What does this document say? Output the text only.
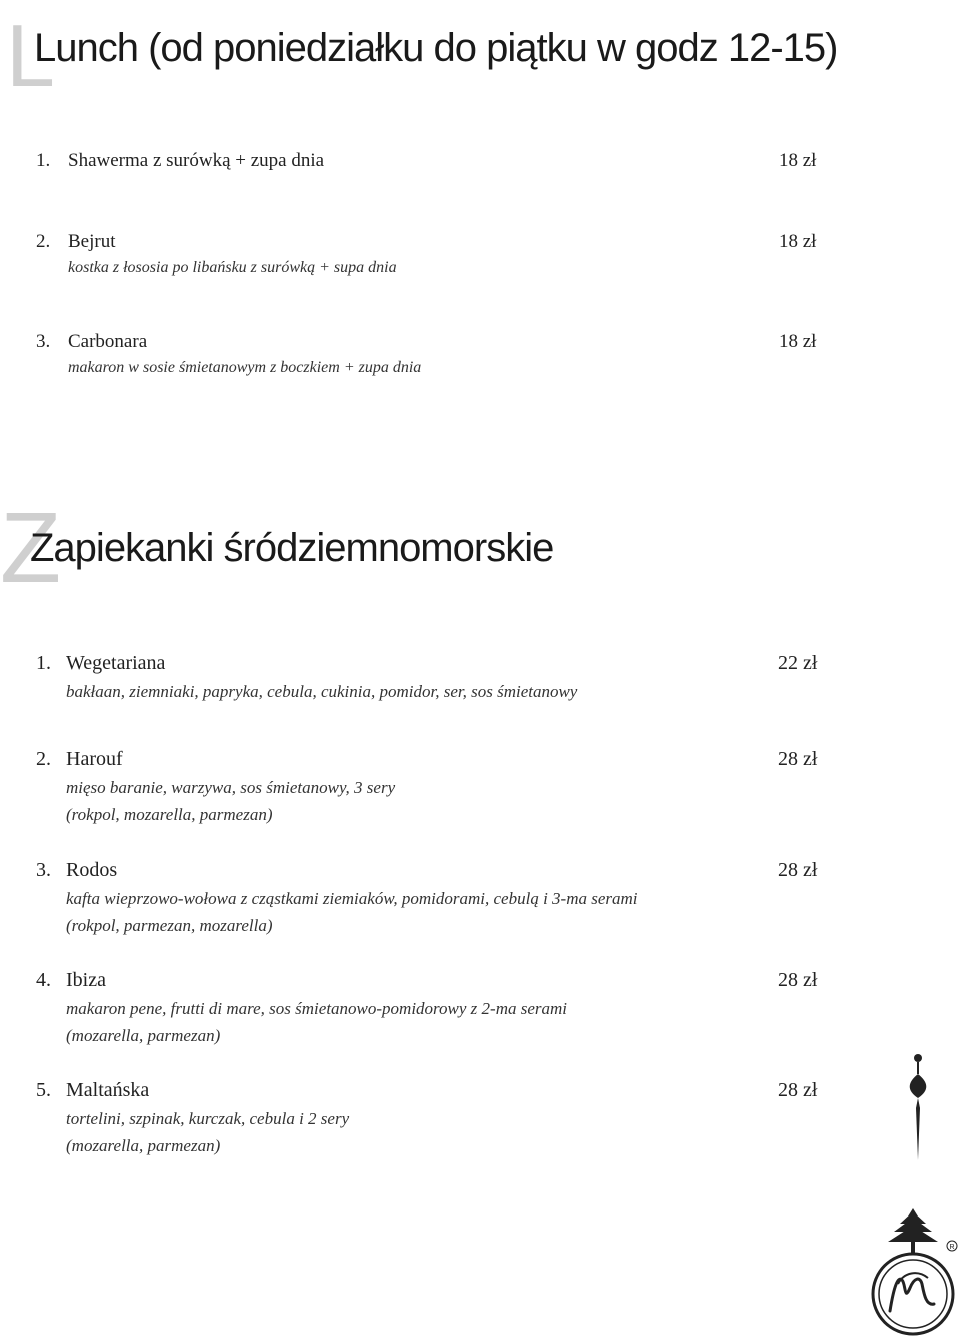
L
Lunch (od poniedziałku do piątku w godz 12-15)
1. Shawerma z surówką + zupa dnia	18 zł
2. Bejrut	18 zł
kostka z łososia po libańsku z surówką + supa dnia
3. Carbonara	18 zł
makaron w sosie śmietanowym z boczkiem + zupa dnia
Z
Zapiekanki śródziemnomorskie
1. Wegetariana	22 zł
bakłaan, ziemniaki, papryka, cebula, cukinia, pomidor, ser, sos śmietanowy
2. Harouf	28 zł
mięso baranie, warzywa, sos śmietanowy, 3 sery
(rokpol, mozarella, parmezan)
3. Rodos	28 zł
kafta wieprzowo-wołowa z cząstkami ziemiaków, pomidorami, cebulą i 3-ma serami
(rokpol, parmezan, mozarella)
4. Ibiza	28 zł
makaron pene, frutti di mare, sos śmietanowo-pomidorowy z 2-ma serami
(mozarella, parmezan)
5. Maltańska	28 zł
tortelini, szpinak, kurczak, cebula i 2 sery
(mozarella, parmezan)
R
